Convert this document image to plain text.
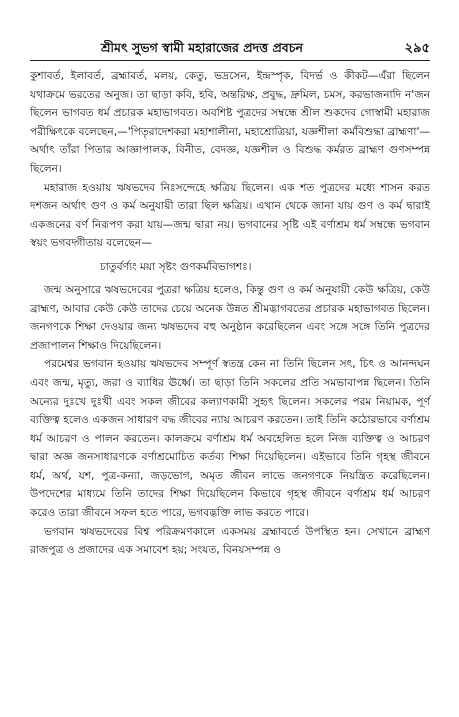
শ্রীমৎ সুভগ স্বামী মহারাজের প্রদত্ত প্রবচন	২৯৫

কুশাবর্ত, ইলাবর্ত, ব্রহ্মাবর্ত, মলয়, কেতু, ভদ্রসেন, ইন্দ্রস্পৃক, বিদর্ভ ও কীকট—এঁরা ছিলেন যথাক্রমে ভরতের অনুজ। তা ছাড়া কবি, হবি, অন্তরিক্ষ, প্রবুদ্ধ, দ্রুমিল, চমস, করভাজনাদি ন'জন ছিলেন ভাগবত ধর্ম প্রচারক মহাভাগবত। অবশিষ্ট পুত্রদের সম্বন্ধে শ্রীল শুকদেব গোস্বামী মহারাজ পরীক্ষিৎকে বলেছেন,—'পিতৃরাদেশকরা মহাশালীনা, মহাশ্রোত্রিয়া, যজ্ঞশীলা কর্মবিশুদ্ধা ব্রাহ্মণা'—অর্থাৎ তাঁরা পিতার আজ্ঞাপালক, বিনীত, বেদজ্ঞ, যজ্ঞশীল ও বিশুদ্ধ কর্মরত ব্রাহ্মণ গুণসম্পন্ন ছিলেন।

মহারাজ হওয়ায় ঋষভদেব নিঃসন্দেহে ক্ষত্রিয় ছিলেন। এক শত পুত্রদের মধ্যে শাসন করত দশজন অর্থাৎ গুণ ও কর্ম অনুযায়ী তারা ছিল ক্ষত্রিয়। এখান থেকে জানা যায় গুণ ও কর্ম দ্বারাই একজনের বর্ণ নিরূপণ করা যায়—জন্ম দ্বারা নয়। ভগবানের সৃষ্টি এই বর্ণাশ্রম ধর্ম সম্বন্ধে ভগবান স্বয়ং ভগবদ্গীতায় বলেছেন—

চাতুর্বর্ণ্যং ময়া সৃষ্টং গুণকর্মবিভাগশঃ।

জন্ম অনুসারে ঋষভদেবের পুত্ররা ক্ষত্রিয় হলেও, কিন্তু গুণ ও কর্ম অনুযায়ী কেউ ক্ষত্রিয়, কেউ ব্রাহ্মণ, আবার কেউ কেউ তাদের চেয়ে অনেক উন্নত শ্রীমদ্ভাগবতের প্রচারক মহাভাগবত ছিলেন। জনগণকে শিক্ষা দেওয়ার জন্য ঋষভদেব বহু অনুষ্ঠান করেছিলেন এবং সঙ্গে সঙ্গে তিনি পুত্রদের প্রজাপালন শিক্ষাও দিয়েছিলেন।

পরমেশ্বর ভগবান হওয়ায় ঋষভদেব সম্পূর্ণ স্বতন্ত্র কেন না তিনি ছিলেন সৎ, চিৎ ও আনন্দঘন এবং জন্ম, মৃত্যু, জরা ও ব্যাধির ঊর্ধ্বে। তা ছাড়া তিনি সকলের প্রতি সমভাবাপন্ন ছিলেন। তিনি অন্যের দুঃখে দুঃখী এবং সকল জীবের কল্যাণকামী সুহৃৎ ছিলেন। সকলের পরম নিয়ামক, পূর্ণ ব্যক্তিত্ব হলেও একজন সাধারণ বদ্ধ জীবের ন্যায় আচরণ করতেন। তাই তিনি কঠোরভাবে বর্ণাশ্রম ধর্ম আচরণ ও পালন করতেন। কালক্রমে বর্ণাশ্রম ধর্ম অবহেলিত হলে নিজ ব্যক্তিত্ব ও আচরণ দ্বারা অজ্ঞ জনসাধারণকে বর্ণাশ্রমোচিত কর্তব্য শিক্ষা দিয়েছিলেন। এইভাবে তিনি গৃহস্থ জীবনে ধর্ম, অর্থ, যশ, পুত্র-কন্যা, জড়ভোগ, অমৃত জীবন লাভে জনগণকে নিয়ন্ত্রিত করেছিলেন। উপদেশের মাধ্যমে তিনি তাদের শিক্ষা দিয়েছিলেন কিভাবে গৃহস্থ জীবনে বর্ণাশ্রম ধর্ম আচরণ করেও তারা জীবনে সফল হতে পারে, ভগবদ্ভক্তি লাভ করতে পারে।

ভগবান ঋষভদেবের বিশ্ব পরিক্রমণকালে একসময় ব্রহ্মাবর্তে উপস্থিত হন। সেখানে ব্রাহ্মণ রাজপুত্র ও প্রজাদের এক সমাবেশ হয়; সংযত, বিনয়সম্পন্ন ও
